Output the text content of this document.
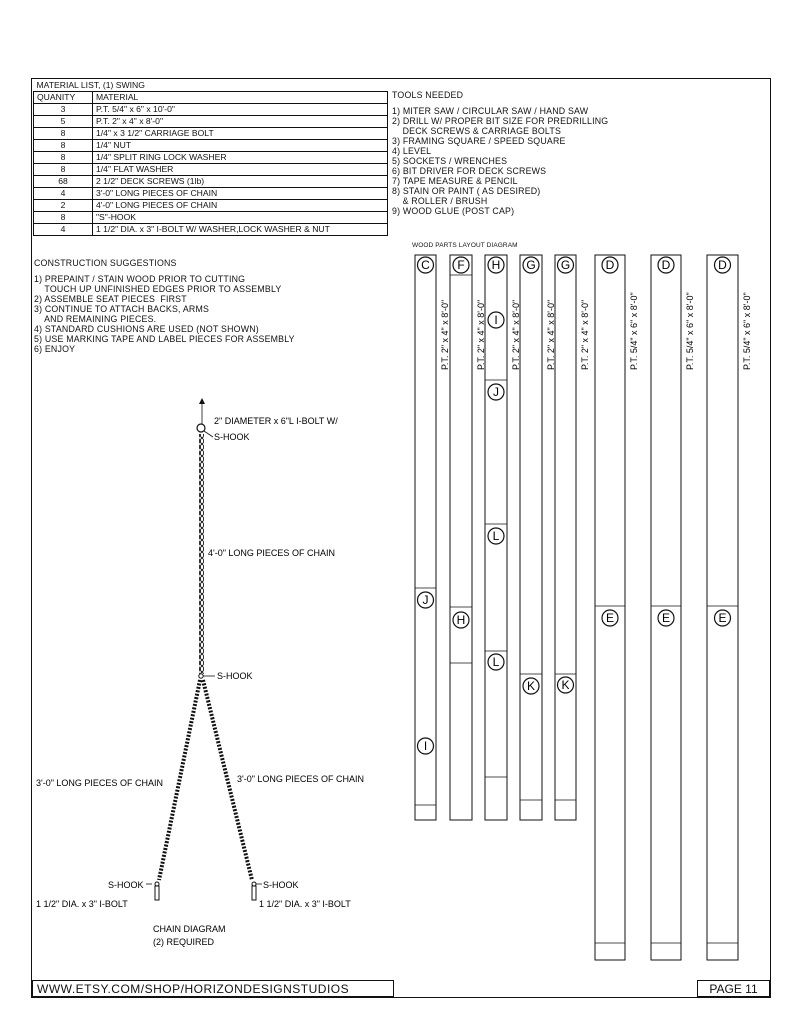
MATERIAL LIST, (1) SWING	
QUANITY	MATERIAL
3	P.T. 5/4" x 6" x 10'-0"
5	P.T. 2" x 4" x 8'-0"
8	1/4" x 3 1/2" CARRIAGE BOLT
8	1/4" NUT
8	1/4" SPLIT RING LOCK WASHER
8	1/4" FLAT WASHER
68	2 1/2" DECK SCREWS (1lb)
4	3'-0" LONG PIECES OF CHAIN
2	4'-0" LONG PIECES OF CHAIN
8	"S"-HOOK
4	1 1/2" DIA. x 3" I-BOLT W/ WASHER,LOCK WASHER & NUT
TOOLS NEEDED
1) MITER SAW / CIRCULAR SAW / HAND SAW
2) DRILL W/ PROPER BIT SIZE FOR PREDRILLING
DECK SCREWS & CARRIAGE BOLTS
3) FRAMING SQUARE / SPEED SQUARE
4) LEVEL
5) SOCKETS / WRENCHES
6) BIT DRIVER FOR DECK SCREWS
7) TAPE MEASURE & PENCIL
8) STAIN OR PAINT ( AS DESIRED)
& ROLLER / BRUSH
9) WOOD GLUE (POST CAP)
CONSTRUCTION SUGGESTIONS
1) PREPAINT / STAIN WOOD PRIOR TO CUTTING
TOUCH UP UNFINISHED EDGES PRIOR TO ASSEMBLY
2) ASSEMBLE SEAT PIECES  FIRST
3) CONTINUE TO ATTACH BACKS, ARMS
AND REMAINING PIECES.
4) STANDARD CUSHIONS ARE USED (NOT SHOWN)
5) USE MARKING TAPE AND LABEL PIECES FOR ASSEMBLY
6) ENJOY
2" DIAMETER x 6"L I-BOLT W/
S-HOOK
4'-0" LONG PIECES OF CHAIN
S-HOOK
3'-0" LONG PIECES OF CHAIN	3'-0" LONG PIECES OF CHAIN
S-HOOK	S-HOOK
1 1/2" DIA. x 3" I-BOLT	1 1/2" DIA. x 3" I-BOLT
CHAIN DIAGRAM
(2) REQUIRED
WOOD PARTS LAYOUT DIAGRAM
C
P.T. 2" x 4" x 8'-0"
J
I
F
P.T. 2" x 4" x 8'-0"
H
H
P.T. 2" x 4" x 8'-0"
I
J
L
L
G
P.T. 2" x 4" x 8'-0"
K
G
P.T. 2" x 4" x 8'-0"
K
D
P.T. 5/4" x 6" x 8'-0"
E
D
P.T. 5/4" x 6" x 8'-0"
E
D
P.T. 5/4" x 6" x 8'-0"
E
WWW.ETSY.COM/SHOP/HORIZONDESIGNSTUDIOS	PAGE 11
